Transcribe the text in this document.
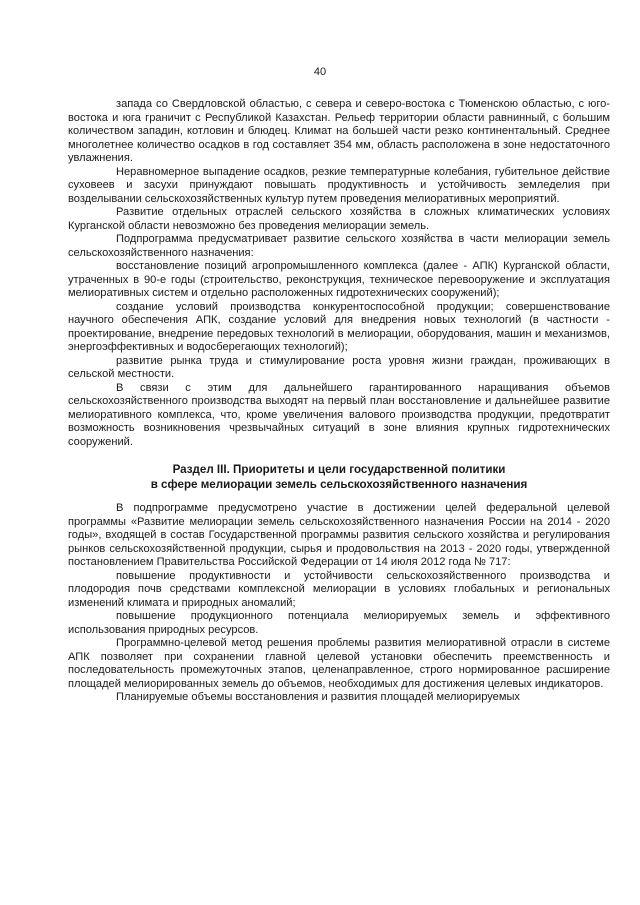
40

запада со Свердловской областью, с севера и северо-востока с Тюменскою областью, с юго-востока и юга граничит с Республикой Казахстан. Рельеф территории области равнинный, с большим количеством западин, котловин и блюдец. Климат на большей части резко континентальный. Среднее многолетнее количество осадков в год составляет 354 мм, область расположена в зоне недостаточного увлажнения.

Неравномерное выпадение осадков, резкие температурные колебания, губительное действие суховеев и засухи принуждают повышать продуктивность и устойчивость земледелия при возделывании сельскохозяйственных культур путем проведения мелиоративных мероприятий.

Развитие отдельных отраслей сельского хозяйства в сложных климатических условиях Курганской области невозможно без проведения мелиорации земель.

Подпрограмма предусматривает развитие сельского хозяйства в части мелиорации земель сельскохозяйственного назначения:

восстановление позиций агропромышленного комплекса (далее - АПК) Курганской области, утраченных в 90-е годы (строительство, реконструкция, техническое перевооружение и эксплуатация мелиоративных систем и отдельно расположенных гидротехнических сооружений);

создание условий производства конкурентоспособной продукции; совершенствование научного обеспечения АПК, создание условий для внедрения новых технологий (в частности - проектирование, внедрение передовых технологий в мелиорации, оборудования, машин и механизмов, энергоэффективных и водосберегающих технологий);

развитие рынка труда и стимулирование роста уровня жизни граждан, проживающих в сельской местности.

В связи с этим для дальнейшего гарантированного наращивания объемов сельскохозяйственного производства выходят на первый план восстановление и дальнейшее развитие мелиоративного комплекса, что, кроме увеличения валового производства продукции, предотвратит возможность возникновения чрезвычайных ситуаций в зоне влияния крупных гидротехнических сооружений.

Раздел III. Приоритеты и цели государственной политики
в сфере мелиорации земель сельскохозяйственного назначения

В подпрограмме предусмотрено участие в достижении целей федеральной целевой программы «Развитие мелиорации земель сельскохозяйственного назначения России на 2014 - 2020 годы», входящей в состав Государственной программы развития сельского хозяйства и регулирования рынков сельскохозяйственной продукции, сырья и продовольствия на 2013 - 2020 годы, утвержденной постановлением Правительства Российской Федерации от 14 июля 2012 года № 717:

повышение продуктивности и устойчивости сельскохозяйственного производства и плодородия почв средствами комплексной мелиорации в условиях глобальных и региональных изменений климата и природных аномалий;

повышение продукционного потенциала мелиорируемых земель и эффективного использования природных ресурсов.

Программно-целевой метод решения проблемы развития мелиоративной отрасли в системе АПК позволяет при сохранении главной целевой установки обеспечить преемственность и последовательность промежуточных этапов, целенаправленное, строго нормированное расширение площадей мелиорированных земель до объемов, необходимых для достижения целевых индикаторов.

Планируемые объемы восстановления и развития площадей мелиорируемых
